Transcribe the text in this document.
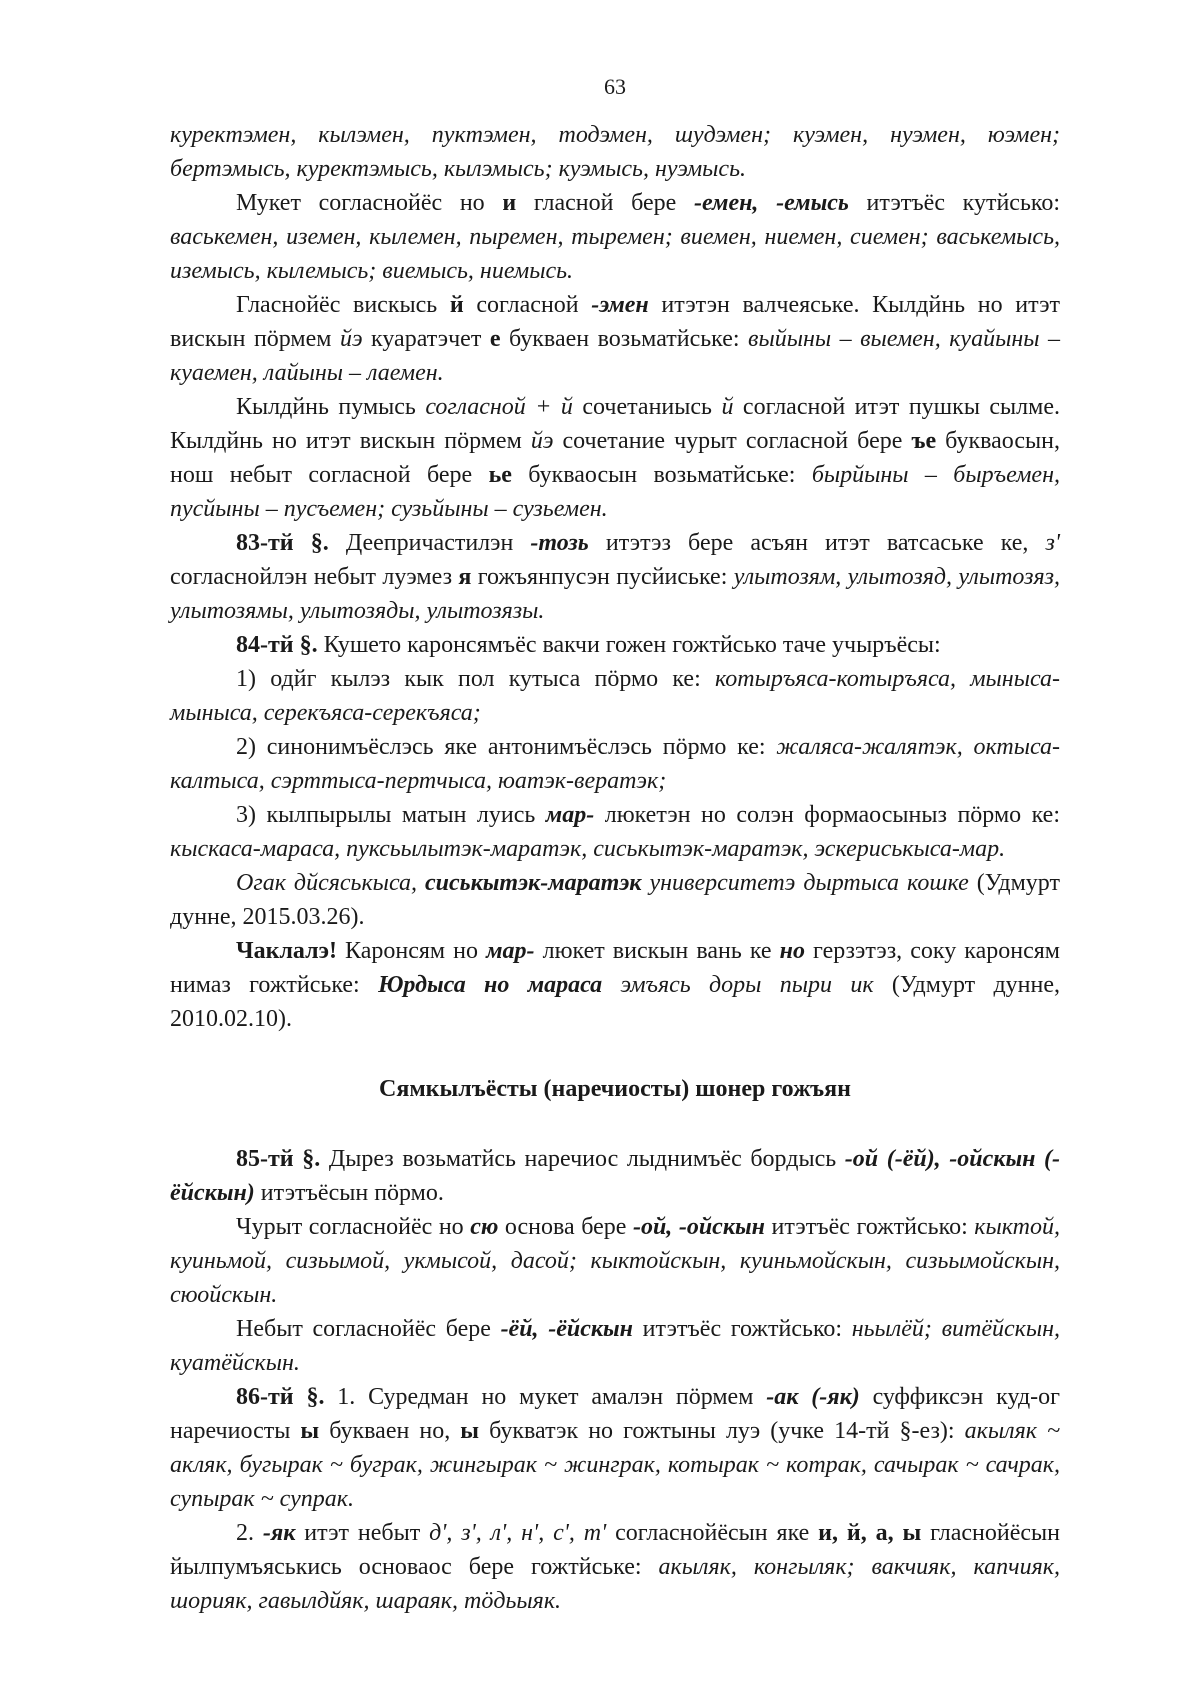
63

курекmэмен, кылэмен, пукmэмен, тодэмен, шудэмен; куэмен, нуэмен, юэмен; бертэмысь, куректэмысь, кылэмысь; куэмысь, нуэмысь.

Мукет согласнойёс но и гласной бере -емен, -емысь итэтъёс кутйсько: васькемен, иземен, кылемен, пыремен, тыремен; виемен, ниемен, сиемен; васькемысь, иземысь, кылемысь; виемысь, ниемысь.

Гласнойёс вискысь й согласной -эмен итэтэн валчеяське. Кылдйнь но итэт вискын пöрмем йэ куаратэчет е букваен возьматйське: выйыны – выемен, куайыны – куаемен, лайыны – лаемен.

Кылдйнь пумысь согласной + й сочетаниысь й согласной итэт пушкы сылме. Кылдйнь но итэт вискын пöрмем йэ сочетание чурыт согласной бере ъе букваосын, нош небыт согласной бере ье букваосын возьматйське: бырйыны – быръемен, пусйыны – пусъемен; сузьйыны – сузьемен.

83-тй §. Деепричастилэн -тозь итэтэз бере асъян итэт ватсаське ке, з' согласнойлэн небыт луэмез я гожъянпусэн пусйиське: улытозям, улытозяд, улытозяз, улытозямы, улытозяды, улытозязы.

84-тй §. Кушето каронсямъёс вакчи гожен гожтйсько таче учыръёсы:

1) одйг кылэз кык пол кутыса пöрмо ке: котыръяса-котыръяса, мыныса-мыныса, серекъяса-серекъяса;

2) синонимъёслэсь яке антонимъёслэсь пöрмо ке: жаляса-жалятэк, октыса-калтыса, сэрттыса-пертчыса, юатэк-вератэк;

3) кылпырылы матын луись мар- люкетэн но солэн формаосыныз пöрмо ке: кыскаса-мараса, пуксьылытэк-маратэк, сиськытэк-маратэк, эскериськыса-мар.

Огак дйсяськыса, сиськытэк-маратэк университетэ дыртыса кошке (Удмурт дунне, 2015.03.26).

Чаклалэ! Каронсям но мар- люкет вискын вань ке но герзэтэз, соку каронсям нимаз гожтйське: Юрдыса но мараса эмъясь доры пыри ик (Удмурт дунне, 2010.02.10).

Сямкылъёсты (наречиосты) шонер гожъян

85-тй §. Дырез возьматйсь наречиос лыднимъёс бордысь -ой (-ёй), -ойскын (-ёйскын) итэтъёсын пöрмо.

Чурыт согласнойёс но сю основа бере -ой, -ойскын итэтъёс гожтйсько: кыктой, куиньмой, сизьымой, укмысой, дасой; кыктойскын, куиньмойскын, сизьымойскын, сюойскын.

Небыт согласнойёс бере -ёй, -ёйскын итэтъёс гожтйсько: ньылёй; витёйскын, куатёйскын.

86-тй §. 1. Суредман но мукет амалэн пöрмем -ак (-як) суффиксэн куд-ог наречиосты ы букваен но, ы букватэк но гожтыны луэ (учке 14-тй §-ез): акыляк ~ акляк, бугырак ~ буграк, жингырак ~ жинграк, котырак ~ котрак, сачырак ~ сачрак, супырак ~ супрак.

2. -як итэт небыт д', з', л', н', с', т' согласнойёсын яке и, й, а, ы гласнойёсын йылпумъяськись основаос бере гожтйське: акыляк, конгыляк; вакчияк, капчияк, шорияк, гавылдйяк, шараяк, тöдьыяк.
